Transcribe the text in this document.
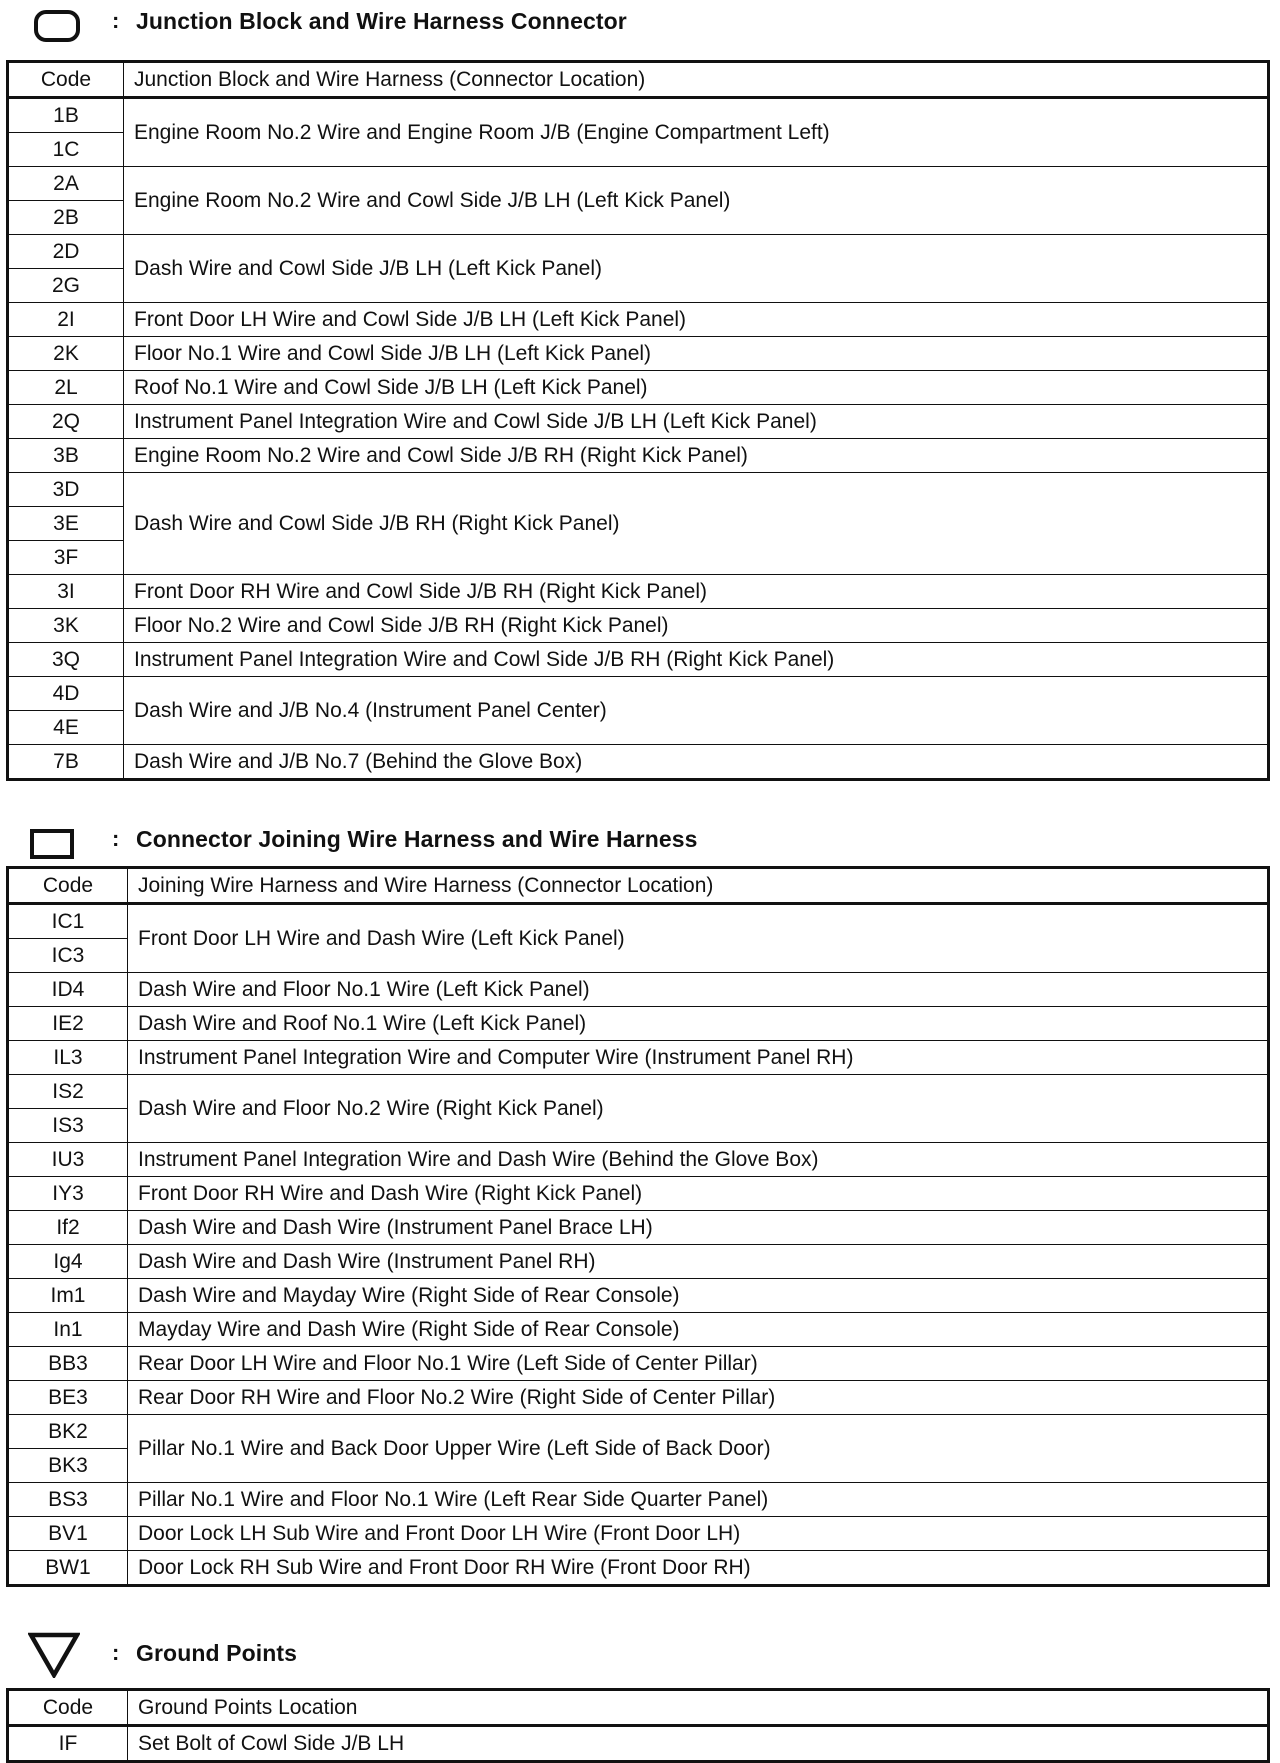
: Junction Block and Wire Harness Connector
Code	Junction Block and Wire Harness (Connector Location)
1B	Engine Room No.2 Wire and Engine Room J/B (Engine Compartment Left)
1C	
2A	Engine Room No.2 Wire and Cowl Side J/B LH (Left Kick Panel)
2B	
2D	Dash Wire and Cowl Side J/B LH (Left Kick Panel)
2G	
2I	Front Door LH Wire and Cowl Side J/B LH (Left Kick Panel)
2K	Floor No.1 Wire and Cowl Side J/B LH (Left Kick Panel)
2L	Roof No.1 Wire and Cowl Side J/B LH (Left Kick Panel)
2Q	Instrument Panel Integration Wire and Cowl Side J/B LH (Left Kick Panel)
3B	Engine Room No.2 Wire and Cowl Side J/B RH (Right Kick Panel)
3D	Dash Wire and Cowl Side J/B RH (Right Kick Panel)
3E	
3F	
3I	Front Door RH Wire and Cowl Side J/B RH (Right Kick Panel)
3K	Floor No.2 Wire and Cowl Side J/B RH (Right Kick Panel)
3Q	Instrument Panel Integration Wire and Cowl Side J/B RH (Right Kick Panel)
4D	Dash Wire and J/B No.4 (Instrument Panel Center)
4E	
7B	Dash Wire and J/B No.7 (Behind the Glove Box)
: Connector Joining Wire Harness and Wire Harness
Code	Joining Wire Harness and Wire Harness (Connector Location)
IC1	Front Door LH Wire and Dash Wire (Left Kick Panel)
IC3	
ID4	Dash Wire and Floor No.1 Wire (Left Kick Panel)
IE2	Dash Wire and Roof No.1 Wire (Left Kick Panel)
IL3	Instrument Panel Integration Wire and Computer Wire (Instrument Panel RH)
IS2	Dash Wire and Floor No.2 Wire (Right Kick Panel)
IS3	
IU3	Instrument Panel Integration Wire and Dash Wire (Behind the Glove Box)
IY3	Front Door RH Wire and Dash Wire (Right Kick Panel)
If2	Dash Wire and Dash Wire (Instrument Panel Brace LH)
Ig4	Dash Wire and Dash Wire (Instrument Panel RH)
Im1	Dash Wire and Mayday Wire (Right Side of Rear Console)
In1	Mayday Wire and Dash Wire (Right Side of Rear Console)
BB3	Rear Door LH Wire and Floor No.1 Wire (Left Side of Center Pillar)
BE3	Rear Door RH Wire and Floor No.2 Wire (Right Side of Center Pillar)
BK2	Pillar No.1 Wire and Back Door Upper Wire (Left Side of Back Door)
BK3	
BS3	Pillar No.1 Wire and Floor No.1 Wire (Left Rear Side Quarter Panel)
BV1	Door Lock LH Sub Wire and Front Door LH Wire (Front Door LH)
BW1	Door Lock RH Sub Wire and Front Door RH Wire (Front Door RH)
: Ground Points
Code	Ground Points Location
IF	Set Bolt of Cowl Side J/B LH
